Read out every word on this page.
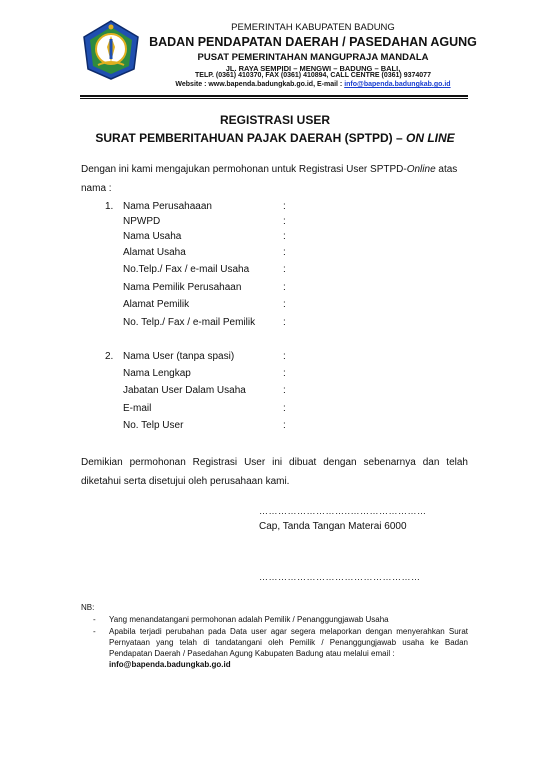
PEMERINTAH KABUPATEN BADUNG

BADAN PENDAPATAN DAERAH / PASEDAHAN AGUNG

PUSAT PEMERINTAHAN MANGUPRAJA MANDALA

JL. RAYA SEMPIDI – MENGWI – BADUNG – BALI,

TELP. (0361) 410370, FAX (0361) 410894, CALL CENTRE (0361) 9374077

Website : www.bapenda.badungkab.go.id, E-mail : info@bapenda.badungkab.go.id

REGISTRASI USER

SURAT PEMBERITAHUAN PAJAK DAERAH (SPTPD) – ON LINE

Dengan ini kami mengajukan permohonan untuk Registrasi User SPTPD-Online atas
nama :

1. Nama Perusahaaan	:
NPWPD	:
Nama Usaha	:
Alamat Usaha	:
No.Telp./ Fax / e-mail Usaha	:
Nama Pemilik Perusahaan	:
Alamat Pemilik	:
No. Telp./ Fax / e-mail Pemilik	:
2. Nama User (tanpa spasi)	:
Nama Lengkap	:
Jabatan User Dalam Usaha	:
E-mail	:
No. Telp User	:

Demikian permohonan Registrasi User ini dibuat dengan sebenarnya dan telah diketahui serta disetujui oleh perusahaan kami.

………………………..……………………
Cap, Tanda Tangan Materai 6000
……………………………………………
NB:
- Yang menandatangani permohonan adalah Pemilik / Penanggungjawab Usaha
- Apabila terjadi perubahan pada Data user agar segera melaporkan dengan menyerahkan Surat Pernyataan yang telah di tandatangani oleh Pemilik / Penanggungjawab usaha ke Badan Pendapatan Daerah / Pasedahan Agung Kabupaten Badung atau melalui email :
info@bapenda.badungkab.go.id
